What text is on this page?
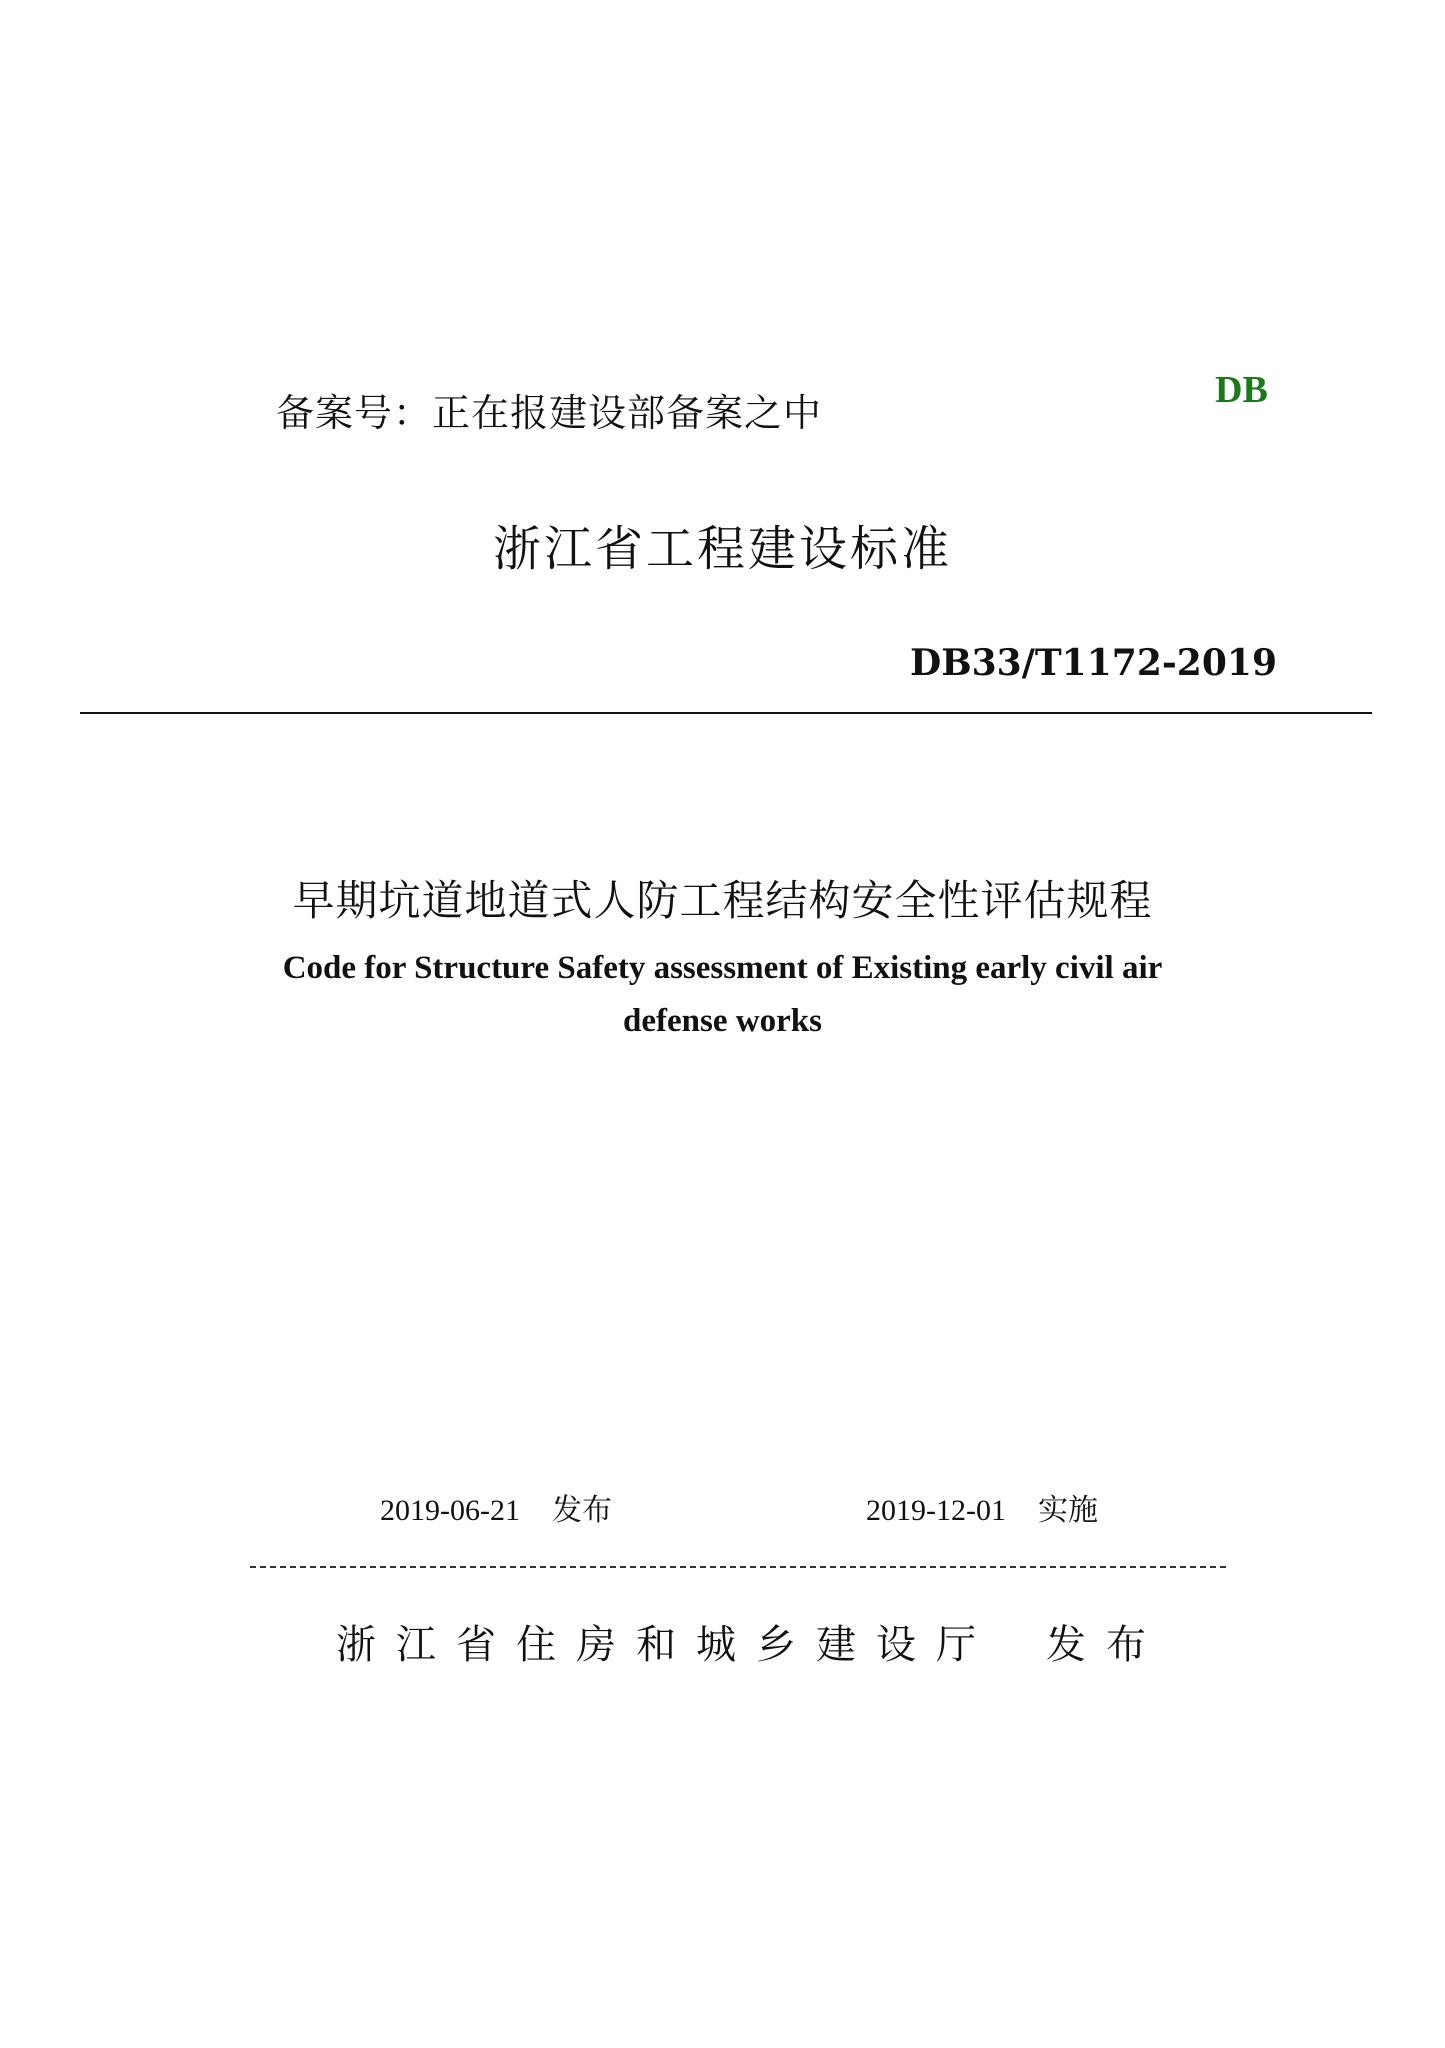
备案号：正在报建设部备案之中
DB
浙江省工程建设标准
DB33/T1172-2019
早期坑道地道式人防工程结构安全性评估规程
Code for Structure Safety assessment of Existing early civil air
defense works
2019-06-21 发布	2019-12-01 实施
浙江省住房和城乡建设厅 发布
